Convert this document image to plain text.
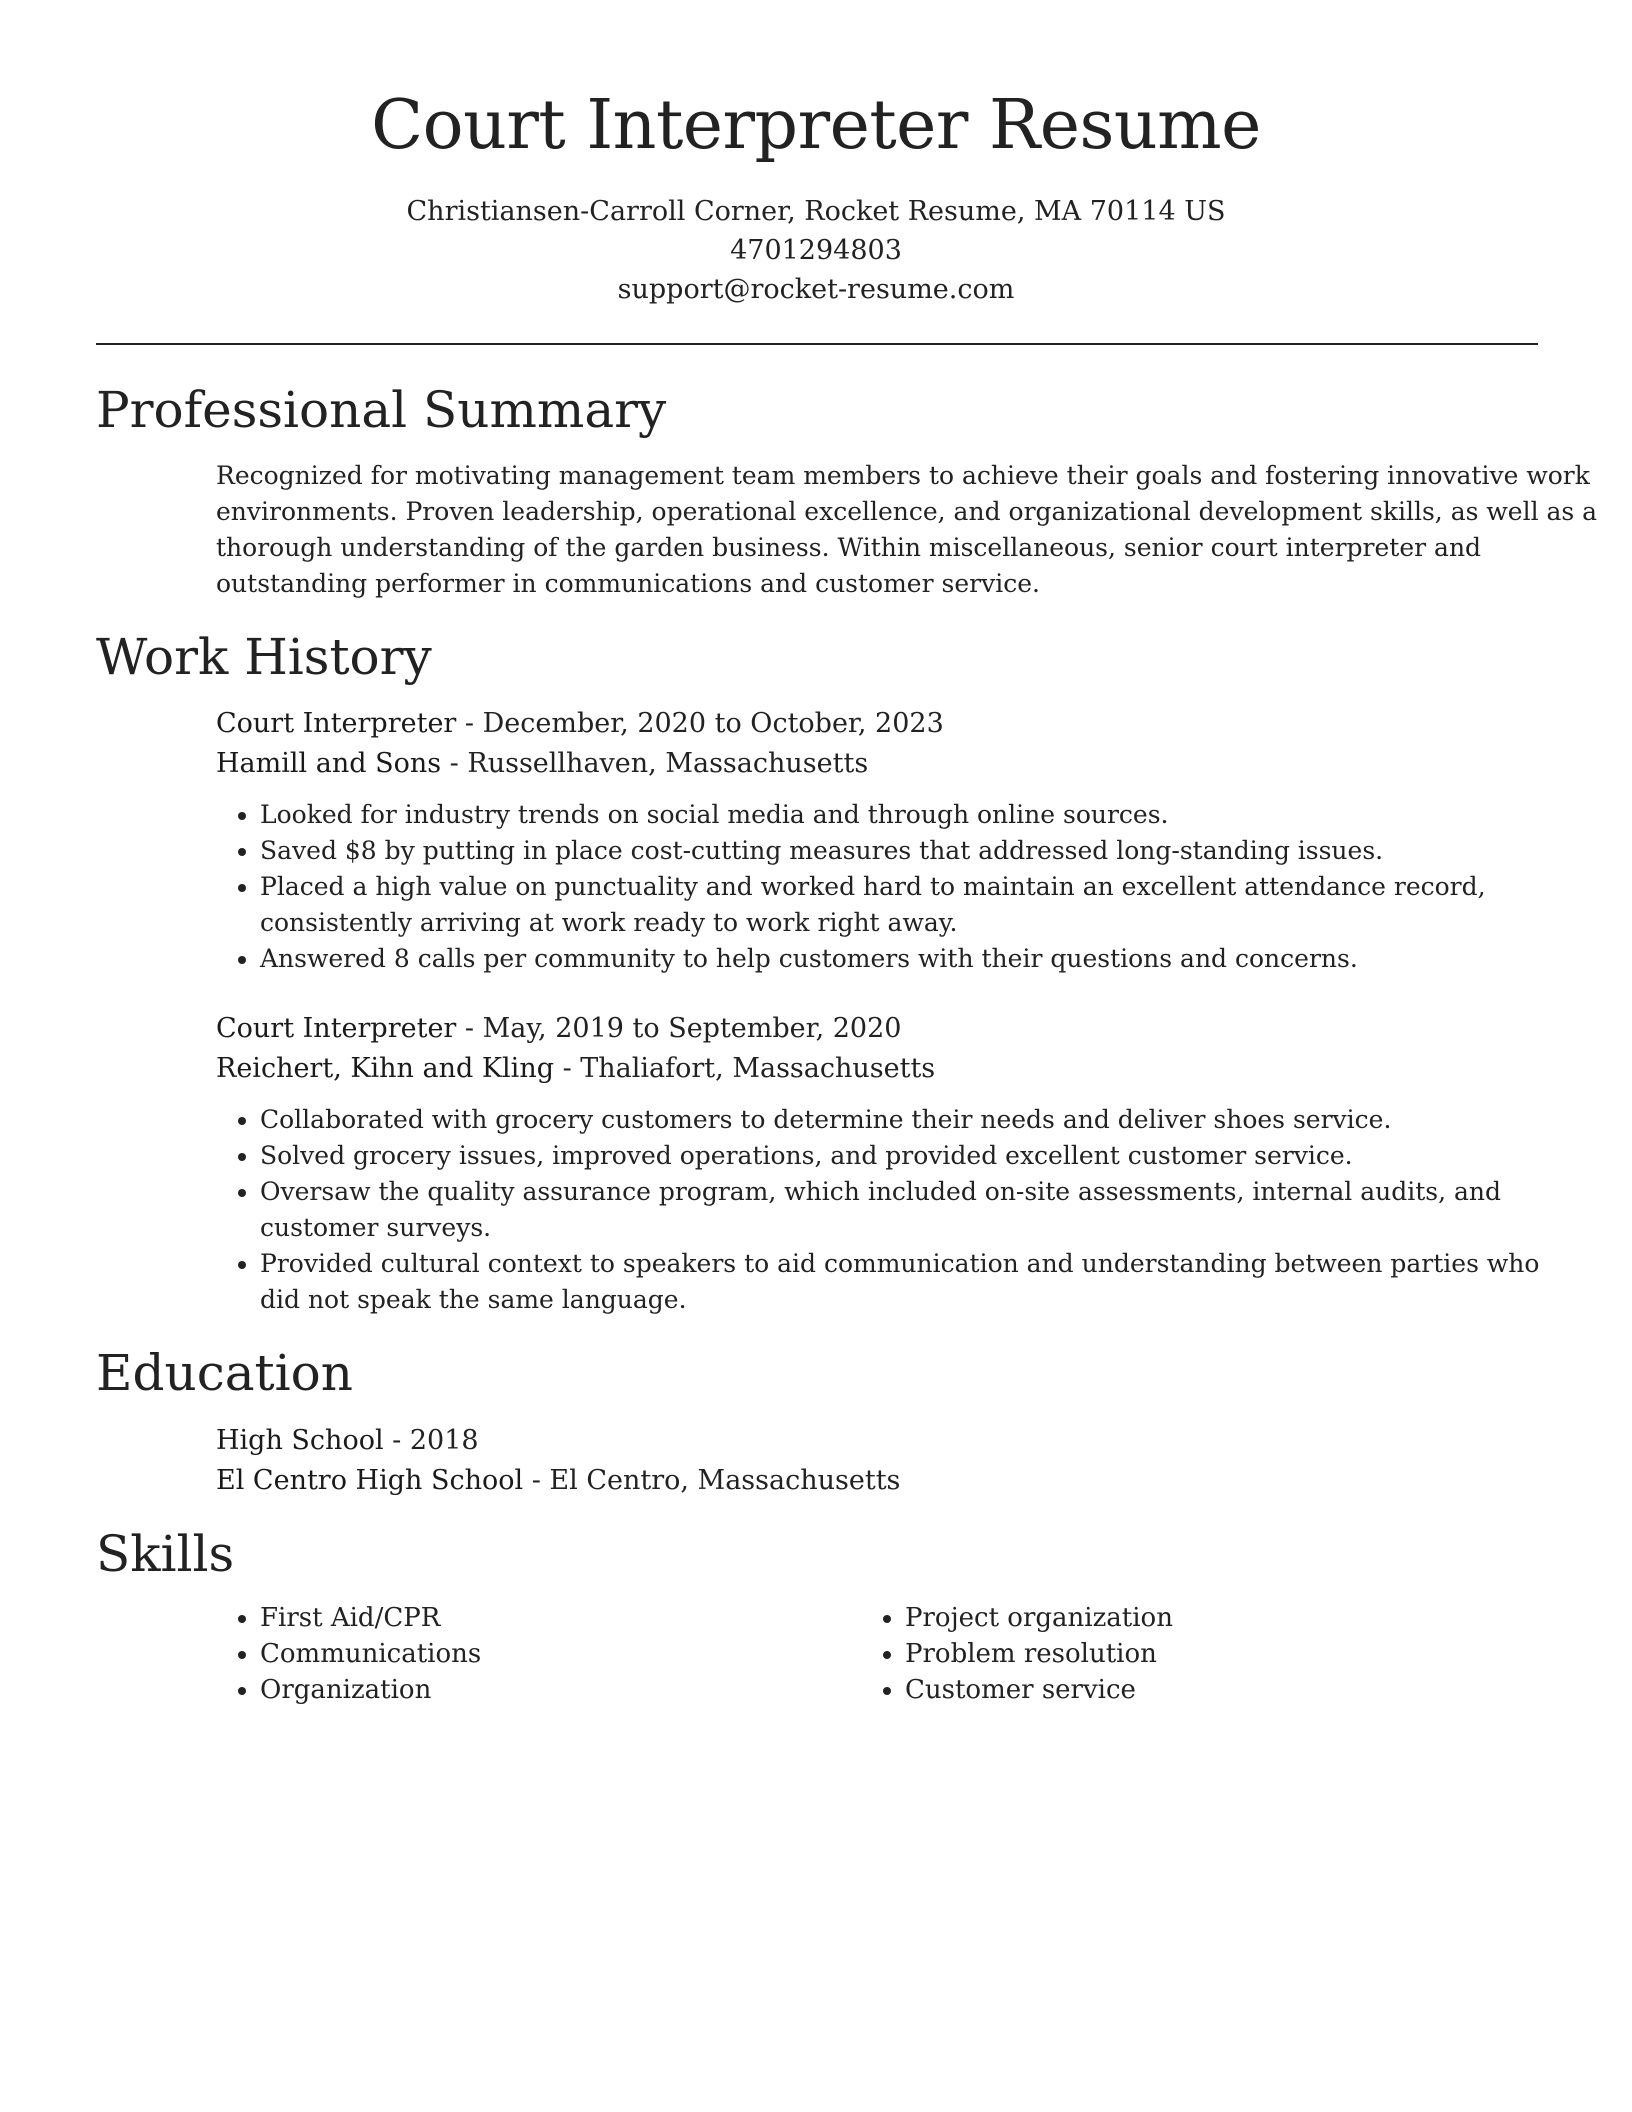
Court Interpreter Resume
Christiansen-Carroll Corner, Rocket Resume, MA 70114 US
4701294803
support@rocket-resume.com
Professional Summary
Recognized for motivating management team members to achieve their goals and fostering innovative work
environments. Proven leadership, operational excellence, and organizational development skills, as well as a
thorough understanding of the garden business. Within miscellaneous, senior court interpreter and
outstanding performer in communications and customer service.
Work History
Court Interpreter - December, 2020 to October, 2023
Hamill and Sons - Russellhaven, Massachusetts
• Looked for industry trends on social media and through online sources.
• Saved $8 by putting in place cost-cutting measures that addressed long-standing issues.
• Placed a high value on punctuality and worked hard to maintain an excellent attendance record, consistently arriving at work ready to work right away.
• Answered 8 calls per community to help customers with their questions and concerns.
Court Interpreter - May, 2019 to September, 2020
Reichert, Kihn and Kling - Thaliafort, Massachusetts
• Collaborated with grocery customers to determine their needs and deliver shoes service.
• Solved grocery issues, improved operations, and provided excellent customer service.
• Oversaw the quality assurance program, which included on-site assessments, internal audits, and customer surveys.
• Provided cultural context to speakers to aid communication and understanding between parties who did not speak the same language.
Education
High School - 2018
El Centro High School - El Centro, Massachusetts
Skills
• First Aid/CPR
• Communications
• Organization
• Project organization
• Problem resolution
• Customer service
